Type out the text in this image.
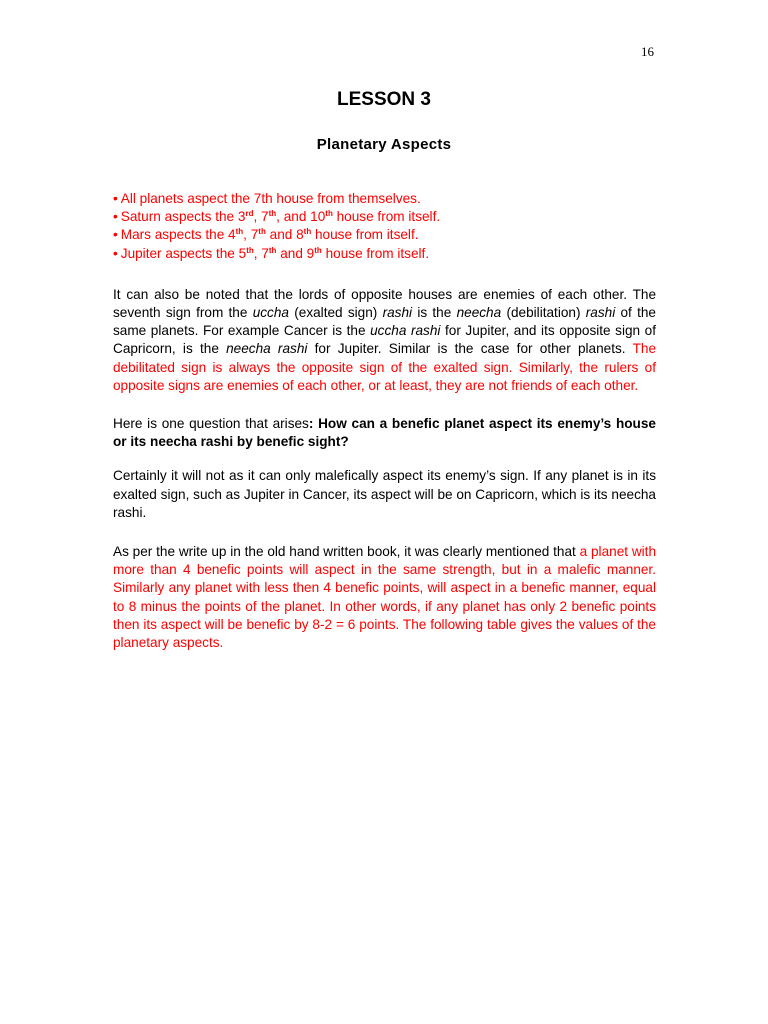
16
LESSON 3
Planetary Aspects
• All planets aspect the 7th house from themselves.
• Saturn aspects the 3rd, 7th, and 10th house from itself.
• Mars aspects the 4th, 7th and 8th house from itself.
• Jupiter aspects the 5th, 7th and 9th house from itself.

It can also be noted that the lords of opposite houses are enemies of each other. The seventh sign from the uccha (exalted sign) rashi is the neecha (debilitation) rashi of the same planets. For example Cancer is the uccha rashi for Jupiter, and its opposite sign of Capricorn, is the neecha rashi for Jupiter. Similar is the case for other planets. The debilitated sign is always the opposite sign of the exalted sign. Similarly, the rulers of opposite signs are enemies of each other, or at least, they are not friends of each other.

Here is one question that arises: How can a benefic planet aspect its enemy’s house or its neecha rashi by benefic sight?

Certainly it will not as it can only malefically aspect its enemy’s sign. If any planet is in its exalted sign, such as Jupiter in Cancer, its aspect will be on Capricorn, which is its neecha rashi.

As per the write up in the old hand written book, it was clearly mentioned that a planet with more than 4 benefic points will aspect in the same strength, but in a malefic manner. Similarly any planet with less then 4 benefic points, will aspect in a benefic manner, equal to 8 minus the points of the planet. In other words, if any planet has only 2 benefic points then its aspect will be benefic by 8-2 = 6 points. The following table gives the values of the planetary aspects.
